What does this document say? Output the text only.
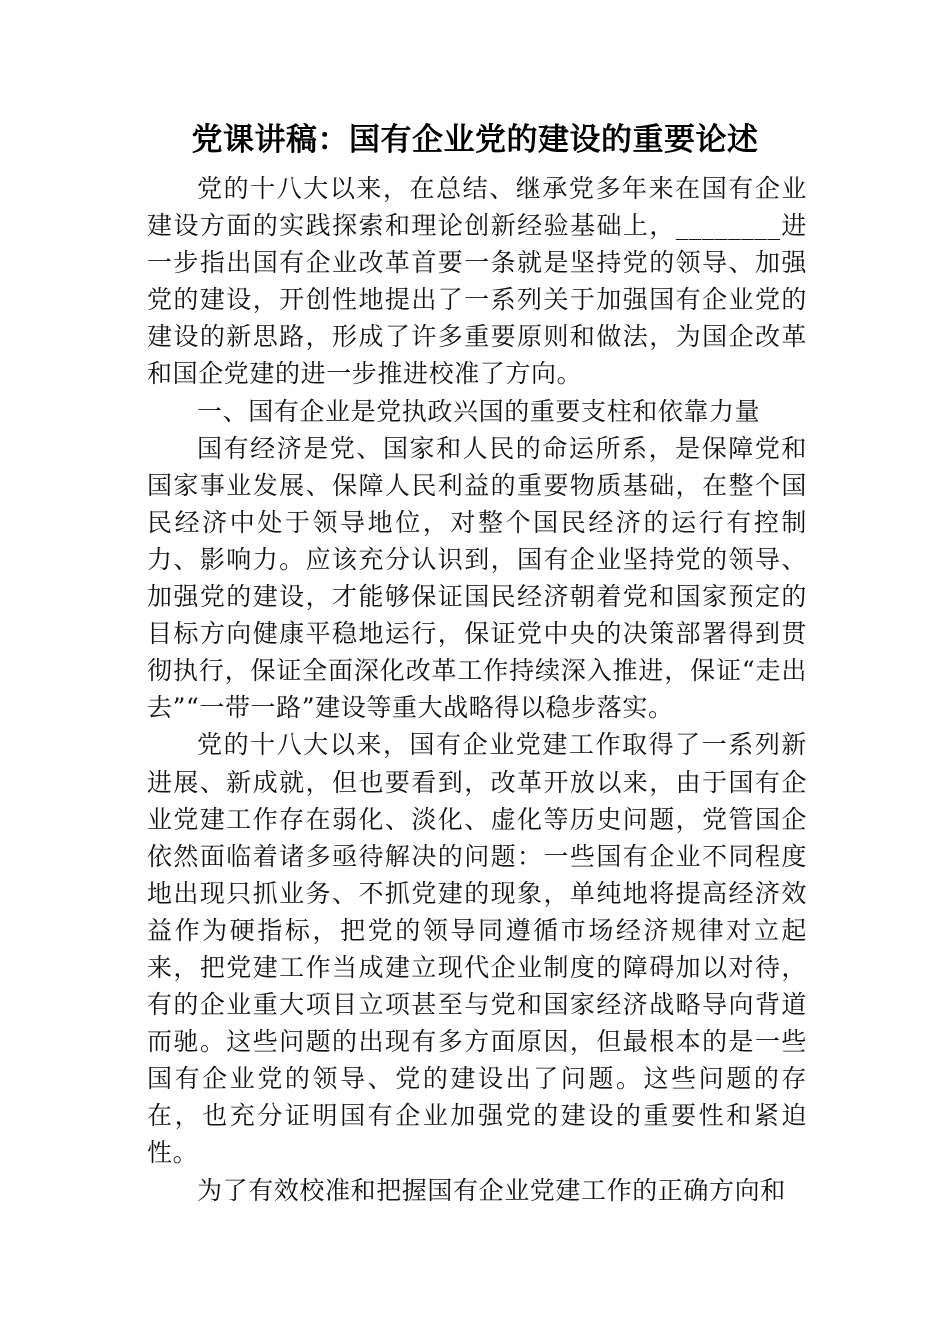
党课讲稿：国有企业党的建设的重要论述

党的十八大以来，在总结、继承党多年来在国有企业建设方面的实践探索和理论创新经验基础上，________进一步指出国有企业改革首要一条就是坚持党的领导、加强党的建设，开创性地提出了一系列关于加强国有企业党的建设的新思路，形成了许多重要原则和做法，为国企改革和国企党建的进一步推进校准了方向。

一、国有企业是党执政兴国的重要支柱和依靠力量

国有经济是党、国家和人民的命运所系，是保障党和国家事业发展、保障人民利益的重要物质基础，在整个国民经济中处于领导地位，对整个国民经济的运行有控制力、影响力。应该充分认识到，国有企业坚持党的领导、加强党的建设，才能够保证国民经济朝着党和国家预定的目标方向健康平稳地运行，保证党中央的决策部署得到贯彻执行，保证全面深化改革工作持续深入推进，保证“走出去”“一带一路”建设等重大战略得以稳步落实。

党的十八大以来，国有企业党建工作取得了一系列新进展、新成就，但也要看到，改革开放以来，由于国有企业党建工作存在弱化、淡化、虚化等历史问题，党管国企依然面临着诸多亟待解决的问题：一些国有企业不同程度地出现只抓业务、不抓党建的现象，单纯地将提高经济效益作为硬指标，把党的领导同遵循市场经济规律对立起来，把党建工作当成建立现代企业制度的障碍加以对待，有的企业重大项目立项甚至与党和国家经济战略导向背道而驰。这些问题的出现有多方面原因，但最根本的是一些国有企业党的领导、党的建设出了问题。这些问题的存在，也充分证明国有企业加强党的建设的重要性和紧迫性。

为了有效校准和把握国有企业党建工作的正确方向和
